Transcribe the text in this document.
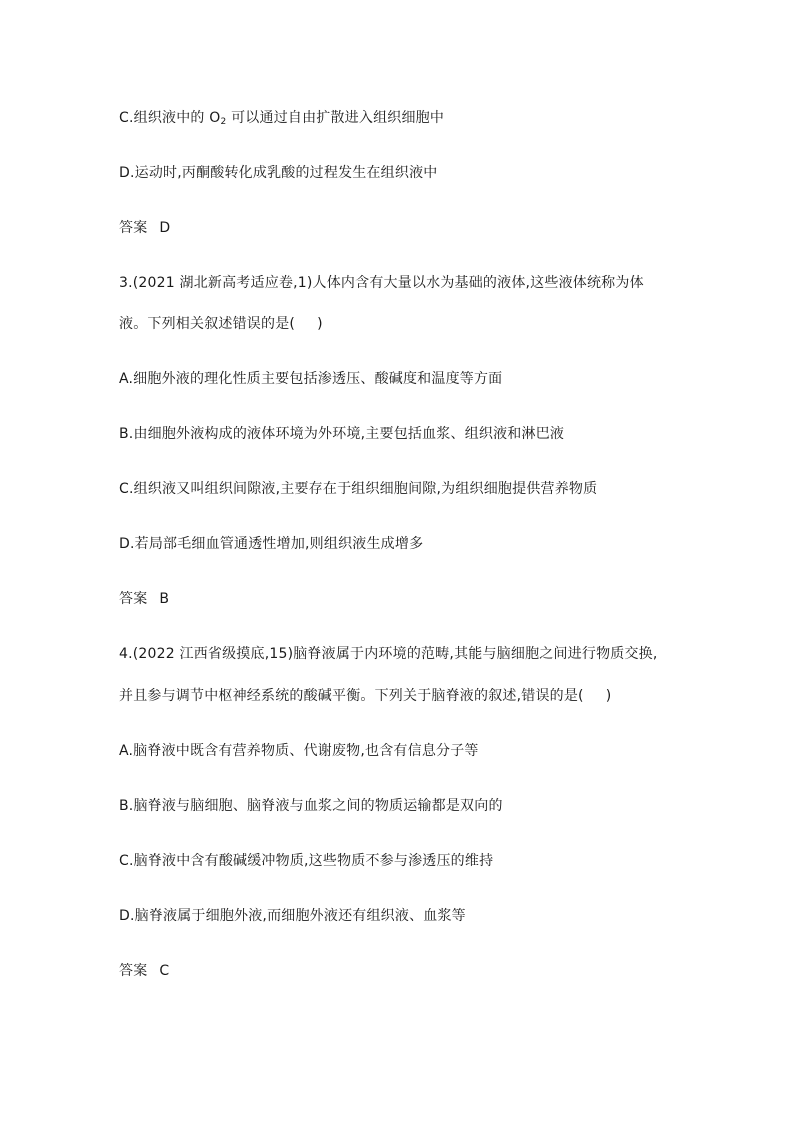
C.组织液中的 $O_2$ 可以通过自由扩散进入组织细胞中
D.运动时,丙酮酸转化成乳酸的过程发生在组织液中
答案 D
3.(2021 湖北新高考适应卷,1)人体内含有大量以水为基础的液体,这些液体统称为体
液。下列相关叙述错误的是( )
A.细胞外液的理化性质主要包括渗透压、酸碱度和温度等方面
B.由细胞外液构成的液体环境为外环境,主要包括血浆、组织液和淋巴液
C.组织液又叫组织间隙液,主要存在于组织细胞间隙,为组织细胞提供营养物质
D.若局部毛细血管通透性增加,则组织液生成增多
答案 B
4.(2022 江西省级摸底,15)脑脊液属于内环境的范畴,其能与脑细胞之间进行物质交换,
并且参与调节中枢神经系统的酸碱平衡。下列关于脑脊液的叙述,错误的是( )
A.脑脊液中既含有营养物质、代谢废物,也含有信息分子等
B.脑脊液与脑细胞、脑脊液与血浆之间的物质运输都是双向的
C.脑脊液中含有酸碱缓冲物质,这些物质不参与渗透压的维持
D.脑脊液属于细胞外液,而细胞外液还有组织液、血浆等
答案 C
